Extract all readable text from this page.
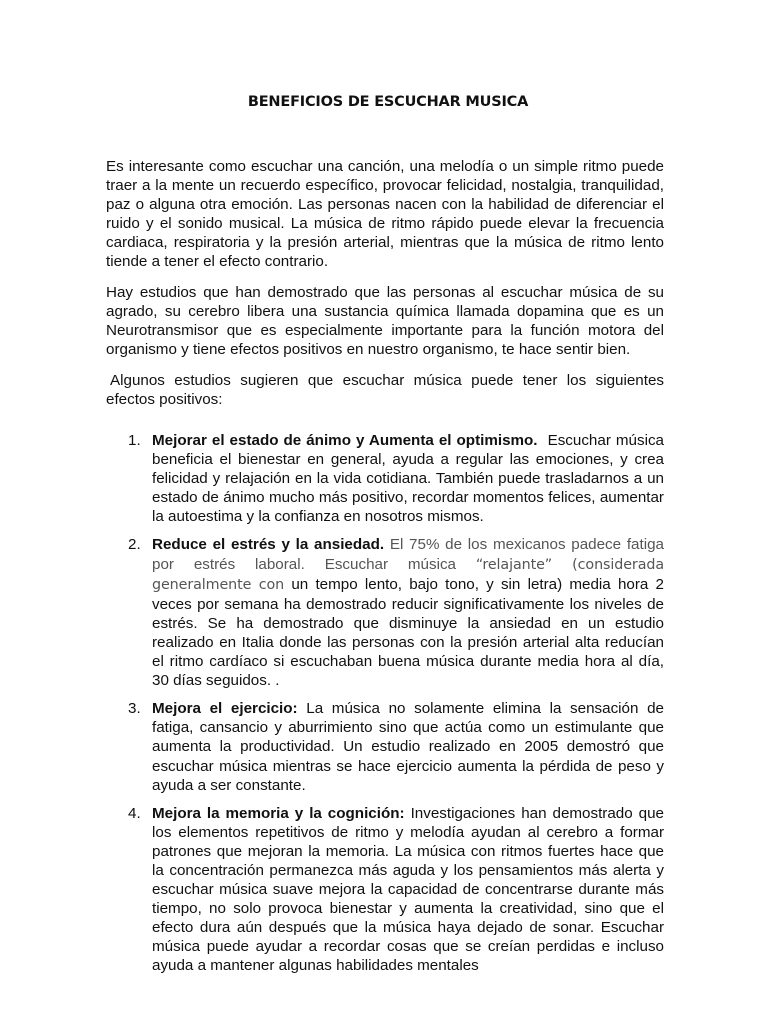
BENEFICIOS DE ESCUCHAR MUSICA

Es interesante como escuchar una canción, una melodía o un simple ritmo puede traer a la mente un recuerdo específico, provocar felicidad, nostalgia, tranquilidad, paz o alguna otra emoción. Las personas nacen con la habilidad de diferenciar el ruido y el sonido musical. La música de ritmo rápido puede elevar la frecuencia cardiaca, respiratoria y la presión arterial, mientras que la música de ritmo lento tiende a tener el efecto contrario.

Hay estudios que han demostrado que las personas al escuchar música de su agrado, su cerebro libera una sustancia química llamada dopamina que es un Neurotransmisor que es especialmente importante para la función motora del organismo y tiene efectos positivos en nuestro organismo, te hace sentir bien.

Algunos estudios sugieren que escuchar música puede tener los siguientes efectos positivos:

1. Mejorar el estado de ánimo y Aumenta el optimismo. Escuchar música beneficia el bienestar en general, ayuda a regular las emociones, y crea felicidad y relajación en la vida cotidiana. También puede trasladarnos a un estado de ánimo mucho más positivo, recordar momentos felices, aumentar la autoestima y la confianza en nosotros mismos.
2. Reduce el estrés y la ansiedad. El 75% de los mexicanos padece fatiga por estrés laboral. Escuchar música “relajante” (considerada generalmente con un tempo lento, bajo tono, y sin letra) media hora 2 veces por semana ha demostrado reducir significativamente los niveles de estrés. Se ha demostrado que disminuye la ansiedad en un estudio realizado en Italia donde las personas con la presión arterial alta reducían el ritmo cardíaco si escuchaban buena música durante media hora al día, 30 días seguidos. .
3. Mejora el ejercicio: La música no solamente elimina la sensación de fatiga, cansancio y aburrimiento sino que actúa como un estimulante que aumenta la productividad. Un estudio realizado en 2005 demostró que escuchar música mientras se hace ejercicio aumenta la pérdida de peso y ayuda a ser constante.
4. Mejora la memoria y la cognición: Investigaciones han demostrado que los elementos repetitivos de ritmo y melodía ayudan al cerebro a formar patrones que mejoran la memoria. La música con ritmos fuertes hace que la concentración permanezca más aguda y los pensamientos más alerta y escuchar música suave mejora la capacidad de concentrarse durante más tiempo, no solo provoca bienestar y aumenta la creatividad, sino que el efecto dura aún después que la música haya dejado de sonar. Escuchar música puede ayudar a recordar cosas que se creían perdidas e incluso ayuda a mantener algunas habilidades mentales
